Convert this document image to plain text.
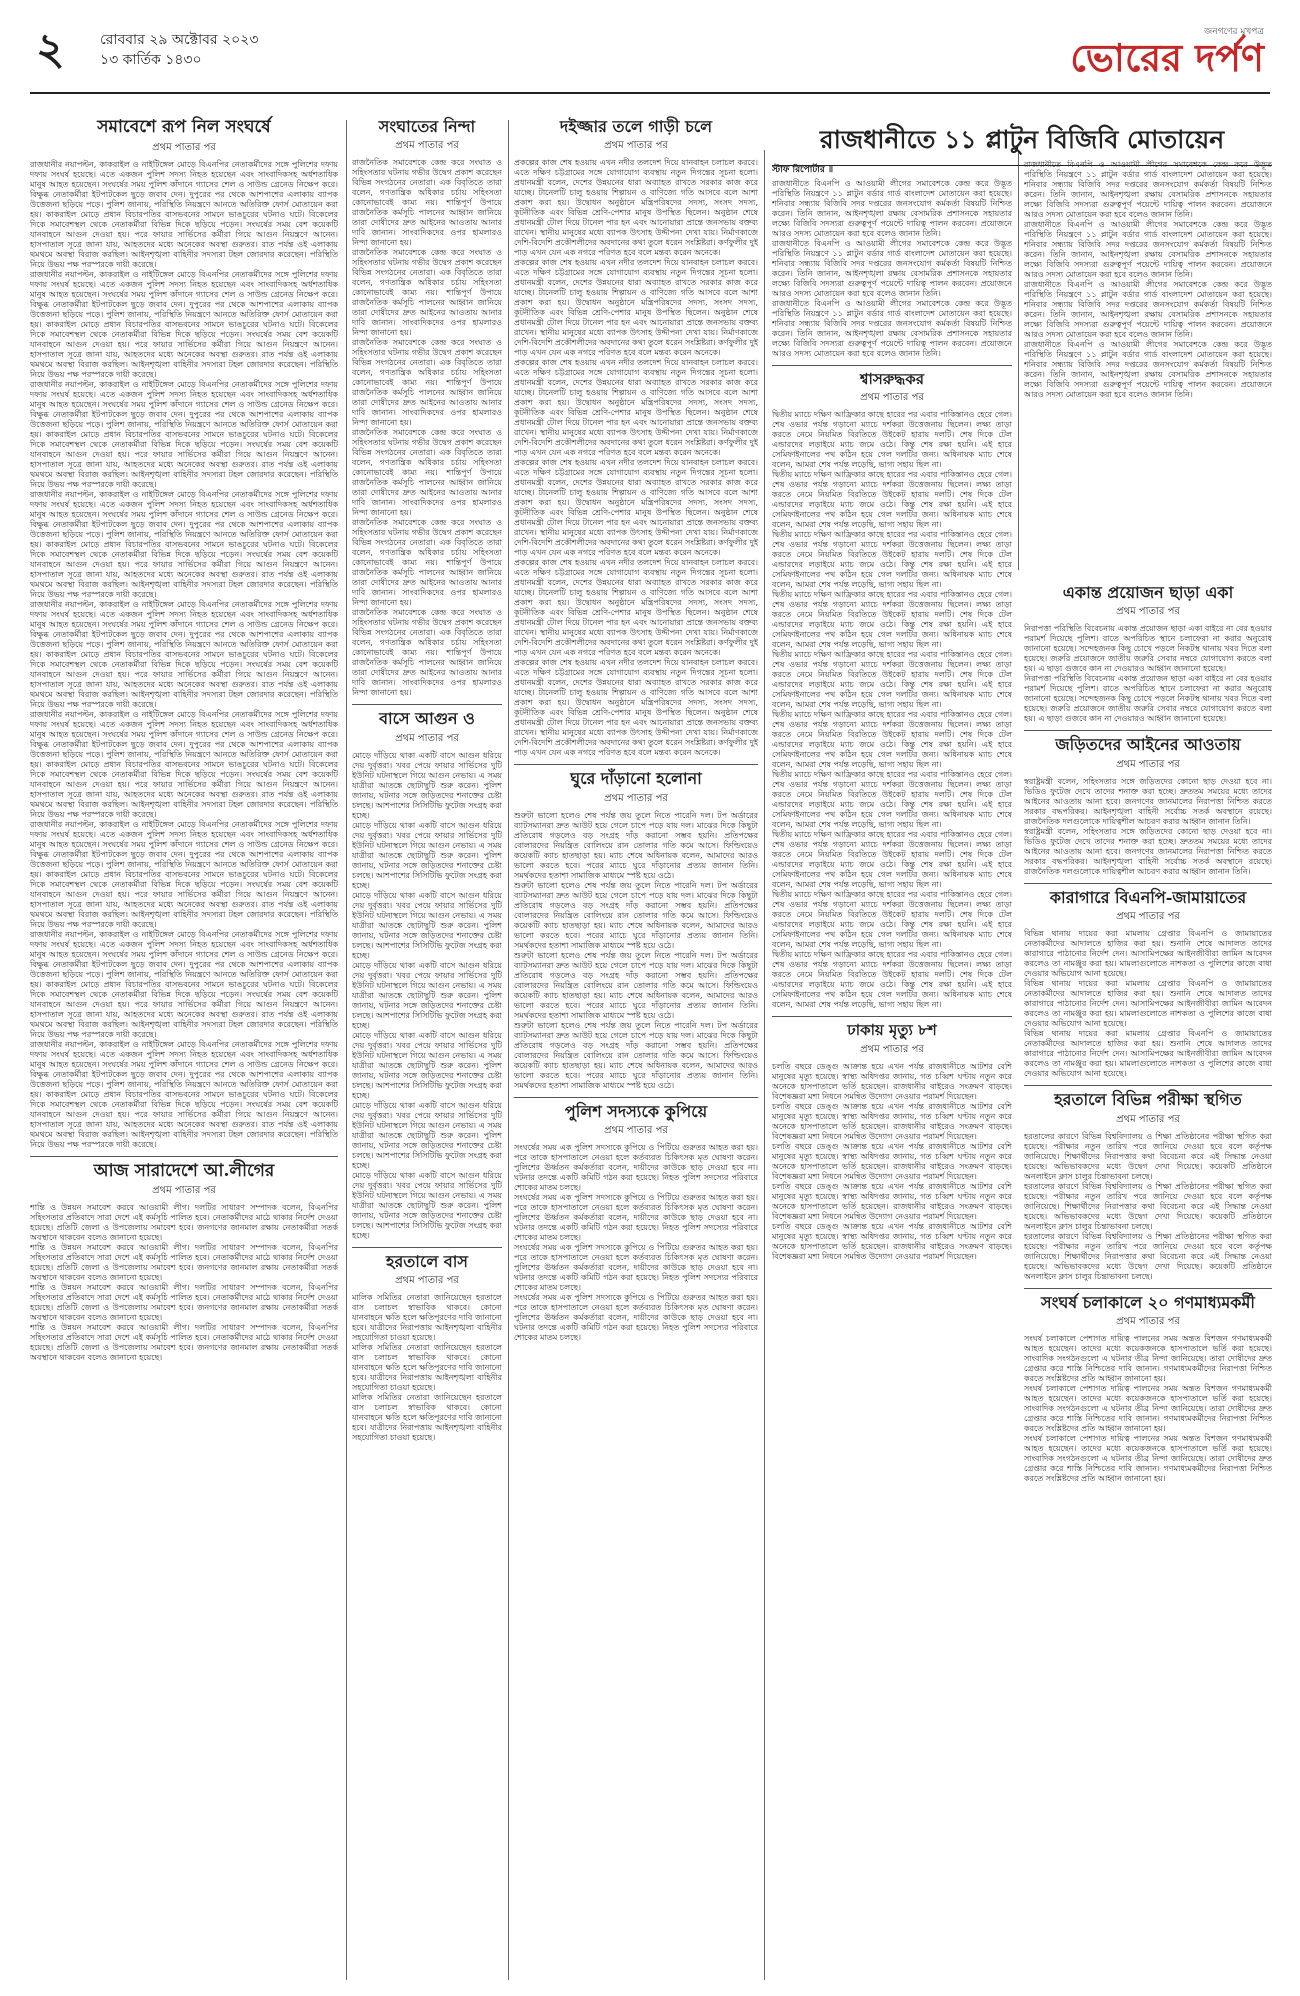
২	রোববার ২৯ অক্টোবর ২০২৩
১৩ কার্তিক ১৪৩০
জনগণের মুখপত্র
ভোরের দর্পণ
সমাবেশে রূপ নিল সংঘর্ষে
প্রথম পাতার পর

রাজধানীর নয়াপল্টন, কাকরাইল ও নাইটিঙ্গেল মোড়ে বিএনপির নেতাকর্মীদের সঙ্গে পুলিশের দফায় দফায় সংঘর্ষ হয়েছে। এতে একজন পুলিশ সদস্য নিহত হয়েছেন এবং সাংবাদিকসহ অর্ধশতাধিক মানুষ আহত হয়েছেন। সংঘর্ষের সময় পুলিশ কাঁদানে গ্যাসের শেল ও সাউন্ড গ্রেনেড নিক্ষেপ করে। বিক্ষুব্ধ নেতাকর্মীরা ইটপাটকেল ছুড়ে জবাব দেন। দুপুরের পর থেকে আশপাশের এলাকায় ব্যাপক উত্তেজনা ছড়িয়ে পড়ে। পুলিশ জানায়, পরিস্থিতি নিয়ন্ত্রণে আনতে অতিরিক্ত ফোর্স মোতায়েন করা হয়। কাকরাইল মোড়ে প্রধান বিচারপতির বাসভবনের সামনে ভাঙচুরের ঘটনাও ঘটে। বিকেলের দিকে সমাবেশস্থল থেকে নেতাকর্মীরা বিভিন্ন দিকে ছড়িয়ে পড়েন। সংঘর্ষের সময় বেশ কয়েকটি যানবাহনে আগুন দেওয়া হয়। পরে ফায়ার সার্ভিসের কর্মীরা গিয়ে আগুন নিয়ন্ত্রণে আনেন। হাসপাতাল সূত্রে জানা যায়, আহতদের মধ্যে অনেকের অবস্থা গুরুতর। রাত পর্যন্ত ওই এলাকায় থমথমে অবস্থা বিরাজ করছিল। আইনশৃঙ্খলা বাহিনীর সদস্যরা টহল জোরদার করেছেন। পরিস্থিতি নিয়ে উভয় পক্ষ পরস্পরকে দায়ী করেছে।

রাজধানীর নয়াপল্টন, কাকরাইল ও নাইটিঙ্গেল মোড়ে বিএনপির নেতাকর্মীদের সঙ্গে পুলিশের দফায় দফায় সংঘর্ষ হয়েছে। এতে একজন পুলিশ সদস্য নিহত হয়েছেন এবং সাংবাদিকসহ অর্ধশতাধিক মানুষ আহত হয়েছেন। সংঘর্ষের সময় পুলিশ কাঁদানে গ্যাসের শেল ও সাউন্ড গ্রেনেড নিক্ষেপ করে। বিক্ষুব্ধ নেতাকর্মীরা ইটপাটকেল ছুড়ে জবাব দেন। দুপুরের পর থেকে আশপাশের এলাকায় ব্যাপক উত্তেজনা ছড়িয়ে পড়ে। পুলিশ জানায়, পরিস্থিতি নিয়ন্ত্রণে আনতে অতিরিক্ত ফোর্স মোতায়েন করা হয়। কাকরাইল মোড়ে প্রধান বিচারপতির বাসভবনের সামনে ভাঙচুরের ঘটনাও ঘটে। বিকেলের দিকে সমাবেশস্থল থেকে নেতাকর্মীরা বিভিন্ন দিকে ছড়িয়ে পড়েন। সংঘর্ষের সময় বেশ কয়েকটি যানবাহনে আগুন দেওয়া হয়। পরে ফায়ার সার্ভিসের কর্মীরা গিয়ে আগুন নিয়ন্ত্রণে আনেন। হাসপাতাল সূত্রে জানা যায়, আহতদের মধ্যে অনেকের অবস্থা গুরুতর। রাত পর্যন্ত ওই এলাকায় থমথমে অবস্থা বিরাজ করছিল। আইনশৃঙ্খলা বাহিনীর সদস্যরা টহল জোরদার করেছেন। পরিস্থিতি নিয়ে উভয় পক্ষ পরস্পরকে দায়ী করেছে।

রাজধানীর নয়াপল্টন, কাকরাইল ও নাইটিঙ্গেল মোড়ে বিএনপির নেতাকর্মীদের সঙ্গে পুলিশের দফায় দফায় সংঘর্ষ হয়েছে। এতে একজন পুলিশ সদস্য নিহত হয়েছেন এবং সাংবাদিকসহ অর্ধশতাধিক মানুষ আহত হয়েছেন। সংঘর্ষের সময় পুলিশ কাঁদানে গ্যাসের শেল ও সাউন্ড গ্রেনেড নিক্ষেপ করে। বিক্ষুব্ধ নেতাকর্মীরা ইটপাটকেল ছুড়ে জবাব দেন। দুপুরের পর থেকে আশপাশের এলাকায় ব্যাপক উত্তেজনা ছড়িয়ে পড়ে। পুলিশ জানায়, পরিস্থিতি নিয়ন্ত্রণে আনতে অতিরিক্ত ফোর্স মোতায়েন করা হয়। কাকরাইল মোড়ে প্রধান বিচারপতির বাসভবনের সামনে ভাঙচুরের ঘটনাও ঘটে। বিকেলের দিকে সমাবেশস্থল থেকে নেতাকর্মীরা বিভিন্ন দিকে ছড়িয়ে পড়েন। সংঘর্ষের সময় বেশ কয়েকটি যানবাহনে আগুন দেওয়া হয়। পরে ফায়ার সার্ভিসের কর্মীরা গিয়ে আগুন নিয়ন্ত্রণে আনেন। হাসপাতাল সূত্রে জানা যায়, আহতদের মধ্যে অনেকের অবস্থা গুরুতর। রাত পর্যন্ত ওই এলাকায় থমথমে অবস্থা বিরাজ করছিল। আইনশৃঙ্খলা বাহিনীর সদস্যরা টহল জোরদার করেছেন। পরিস্থিতি নিয়ে উভয় পক্ষ পরস্পরকে দায়ী করেছে।

রাজধানীর নয়াপল্টন, কাকরাইল ও নাইটিঙ্গেল মোড়ে বিএনপির নেতাকর্মীদের সঙ্গে পুলিশের দফায় দফায় সংঘর্ষ হয়েছে। এতে একজন পুলিশ সদস্য নিহত হয়েছেন এবং সাংবাদিকসহ অর্ধশতাধিক মানুষ আহত হয়েছেন। সংঘর্ষের সময় পুলিশ কাঁদানে গ্যাসের শেল ও সাউন্ড গ্রেনেড নিক্ষেপ করে। বিক্ষুব্ধ নেতাকর্মীরা ইটপাটকেল ছুড়ে জবাব দেন। দুপুরের পর থেকে আশপাশের এলাকায় ব্যাপক উত্তেজনা ছড়িয়ে পড়ে। পুলিশ জানায়, পরিস্থিতি নিয়ন্ত্রণে আনতে অতিরিক্ত ফোর্স মোতায়েন করা হয়। কাকরাইল মোড়ে প্রধান বিচারপতির বাসভবনের সামনে ভাঙচুরের ঘটনাও ঘটে। বিকেলের দিকে সমাবেশস্থল থেকে নেতাকর্মীরা বিভিন্ন দিকে ছড়িয়ে পড়েন। সংঘর্ষের সময় বেশ কয়েকটি যানবাহনে আগুন দেওয়া হয়। পরে ফায়ার সার্ভিসের কর্মীরা গিয়ে আগুন নিয়ন্ত্রণে আনেন। হাসপাতাল সূত্রে জানা যায়, আহতদের মধ্যে অনেকের অবস্থা গুরুতর। রাত পর্যন্ত ওই এলাকায় থমথমে অবস্থা বিরাজ করছিল। আইনশৃঙ্খলা বাহিনীর সদস্যরা টহল জোরদার করেছেন। পরিস্থিতি নিয়ে উভয় পক্ষ পরস্পরকে দায়ী করেছে।

রাজধানীর নয়াপল্টন, কাকরাইল ও নাইটিঙ্গেল মোড়ে বিএনপির নেতাকর্মীদের সঙ্গে পুলিশের দফায় দফায় সংঘর্ষ হয়েছে। এতে একজন পুলিশ সদস্য নিহত হয়েছেন এবং সাংবাদিকসহ অর্ধশতাধিক মানুষ আহত হয়েছেন। সংঘর্ষের সময় পুলিশ কাঁদানে গ্যাসের শেল ও সাউন্ড গ্রেনেড নিক্ষেপ করে। বিক্ষুব্ধ নেতাকর্মীরা ইটপাটকেল ছুড়ে জবাব দেন। দুপুরের পর থেকে আশপাশের এলাকায় ব্যাপক উত্তেজনা ছড়িয়ে পড়ে। পুলিশ জানায়, পরিস্থিতি নিয়ন্ত্রণে আনতে অতিরিক্ত ফোর্স মোতায়েন করা হয়। কাকরাইল মোড়ে প্রধান বিচারপতির বাসভবনের সামনে ভাঙচুরের ঘটনাও ঘটে। বিকেলের দিকে সমাবেশস্থল থেকে নেতাকর্মীরা বিভিন্ন দিকে ছড়িয়ে পড়েন। সংঘর্ষের সময় বেশ কয়েকটি যানবাহনে আগুন দেওয়া হয়। পরে ফায়ার সার্ভিসের কর্মীরা গিয়ে আগুন নিয়ন্ত্রণে আনেন। হাসপাতাল সূত্রে জানা যায়, আহতদের মধ্যে অনেকের অবস্থা গুরুতর। রাত পর্যন্ত ওই এলাকায় থমথমে অবস্থা বিরাজ করছিল। আইনশৃঙ্খলা বাহিনীর সদস্যরা টহল জোরদার করেছেন। পরিস্থিতি নিয়ে উভয় পক্ষ পরস্পরকে দায়ী করেছে।

রাজধানীর নয়াপল্টন, কাকরাইল ও নাইটিঙ্গেল মোড়ে বিএনপির নেতাকর্মীদের সঙ্গে পুলিশের দফায় দফায় সংঘর্ষ হয়েছে। এতে একজন পুলিশ সদস্য নিহত হয়েছেন এবং সাংবাদিকসহ অর্ধশতাধিক মানুষ আহত হয়েছেন। সংঘর্ষের সময় পুলিশ কাঁদানে গ্যাসের শেল ও সাউন্ড গ্রেনেড নিক্ষেপ করে। বিক্ষুব্ধ নেতাকর্মীরা ইটপাটকেল ছুড়ে জবাব দেন। দুপুরের পর থেকে আশপাশের এলাকায় ব্যাপক উত্তেজনা ছড়িয়ে পড়ে। পুলিশ জানায়, পরিস্থিতি নিয়ন্ত্রণে আনতে অতিরিক্ত ফোর্স মোতায়েন করা হয়। কাকরাইল মোড়ে প্রধান বিচারপতির বাসভবনের সামনে ভাঙচুরের ঘটনাও ঘটে। বিকেলের দিকে সমাবেশস্থল থেকে নেতাকর্মীরা বিভিন্ন দিকে ছড়িয়ে পড়েন। সংঘর্ষের সময় বেশ কয়েকটি যানবাহনে আগুন দেওয়া হয়। পরে ফায়ার সার্ভিসের কর্মীরা গিয়ে আগুন নিয়ন্ত্রণে আনেন। হাসপাতাল সূত্রে জানা যায়, আহতদের মধ্যে অনেকের অবস্থা গুরুতর। রাত পর্যন্ত ওই এলাকায় থমথমে অবস্থা বিরাজ করছিল। আইনশৃঙ্খলা বাহিনীর সদস্যরা টহল জোরদার করেছেন। পরিস্থিতি নিয়ে উভয় পক্ষ পরস্পরকে দায়ী করেছে।

রাজধানীর নয়াপল্টন, কাকরাইল ও নাইটিঙ্গেল মোড়ে বিএনপির নেতাকর্মীদের সঙ্গে পুলিশের দফায় দফায় সংঘর্ষ হয়েছে। এতে একজন পুলিশ সদস্য নিহত হয়েছেন এবং সাংবাদিকসহ অর্ধশতাধিক মানুষ আহত হয়েছেন। সংঘর্ষের সময় পুলিশ কাঁদানে গ্যাসের শেল ও সাউন্ড গ্রেনেড নিক্ষেপ করে। বিক্ষুব্ধ নেতাকর্মীরা ইটপাটকেল ছুড়ে জবাব দেন। দুপুরের পর থেকে আশপাশের এলাকায় ব্যাপক উত্তেজনা ছড়িয়ে পড়ে। পুলিশ জানায়, পরিস্থিতি নিয়ন্ত্রণে আনতে অতিরিক্ত ফোর্স মোতায়েন করা হয়। কাকরাইল মোড়ে প্রধান বিচারপতির বাসভবনের সামনে ভাঙচুরের ঘটনাও ঘটে। বিকেলের দিকে সমাবেশস্থল থেকে নেতাকর্মীরা বিভিন্ন দিকে ছড়িয়ে পড়েন। সংঘর্ষের সময় বেশ কয়েকটি যানবাহনে আগুন দেওয়া হয়। পরে ফায়ার সার্ভিসের কর্মীরা গিয়ে আগুন নিয়ন্ত্রণে আনেন। হাসপাতাল সূত্রে জানা যায়, আহতদের মধ্যে অনেকের অবস্থা গুরুতর। রাত পর্যন্ত ওই এলাকায় থমথমে অবস্থা বিরাজ করছিল। আইনশৃঙ্খলা বাহিনীর সদস্যরা টহল জোরদার করেছেন। পরিস্থিতি নিয়ে উভয় পক্ষ পরস্পরকে দায়ী করেছে।

রাজধানীর নয়াপল্টন, কাকরাইল ও নাইটিঙ্গেল মোড়ে বিএনপির নেতাকর্মীদের সঙ্গে পুলিশের দফায় দফায় সংঘর্ষ হয়েছে। এতে একজন পুলিশ সদস্য নিহত হয়েছেন এবং সাংবাদিকসহ অর্ধশতাধিক মানুষ আহত হয়েছেন। সংঘর্ষের সময় পুলিশ কাঁদানে গ্যাসের শেল ও সাউন্ড গ্রেনেড নিক্ষেপ করে। বিক্ষুব্ধ নেতাকর্মীরা ইটপাটকেল ছুড়ে জবাব দেন। দুপুরের পর থেকে আশপাশের এলাকায় ব্যাপক উত্তেজনা ছড়িয়ে পড়ে। পুলিশ জানায়, পরিস্থিতি নিয়ন্ত্রণে আনতে অতিরিক্ত ফোর্স মোতায়েন করা হয়। কাকরাইল মোড়ে প্রধান বিচারপতির বাসভবনের সামনে ভাঙচুরের ঘটনাও ঘটে। বিকেলের দিকে সমাবেশস্থল থেকে নেতাকর্মীরা বিভিন্ন দিকে ছড়িয়ে পড়েন। সংঘর্ষের সময় বেশ কয়েকটি যানবাহনে আগুন দেওয়া হয়। পরে ফায়ার সার্ভিসের কর্মীরা গিয়ে আগুন নিয়ন্ত্রণে আনেন। হাসপাতাল সূত্রে জানা যায়, আহতদের মধ্যে অনেকের অবস্থা গুরুতর। রাত পর্যন্ত ওই এলাকায় থমথমে অবস্থা বিরাজ করছিল। আইনশৃঙ্খলা বাহিনীর সদস্যরা টহল জোরদার করেছেন। পরিস্থিতি নিয়ে উভয় পক্ষ পরস্পরকে দায়ী করেছে।

রাজধানীর নয়াপল্টন, কাকরাইল ও নাইটিঙ্গেল মোড়ে বিএনপির নেতাকর্মীদের সঙ্গে পুলিশের দফায় দফায় সংঘর্ষ হয়েছে। এতে একজন পুলিশ সদস্য নিহত হয়েছেন এবং সাংবাদিকসহ অর্ধশতাধিক মানুষ আহত হয়েছেন। সংঘর্ষের সময় পুলিশ কাঁদানে গ্যাসের শেল ও সাউন্ড গ্রেনেড নিক্ষেপ করে। বিক্ষুব্ধ নেতাকর্মীরা ইটপাটকেল ছুড়ে জবাব দেন। দুপুরের পর থেকে আশপাশের এলাকায় ব্যাপক উত্তেজনা ছড়িয়ে পড়ে। পুলিশ জানায়, পরিস্থিতি নিয়ন্ত্রণে আনতে অতিরিক্ত ফোর্স মোতায়েন করা হয়। কাকরাইল মোড়ে প্রধান বিচারপতির বাসভবনের সামনে ভাঙচুরের ঘটনাও ঘটে। বিকেলের দিকে সমাবেশস্থল থেকে নেতাকর্মীরা বিভিন্ন দিকে ছড়িয়ে পড়েন। সংঘর্ষের সময় বেশ কয়েকটি যানবাহনে আগুন দেওয়া হয়। পরে ফায়ার সার্ভিসের কর্মীরা গিয়ে আগুন নিয়ন্ত্রণে আনেন। হাসপাতাল সূত্রে জানা যায়, আহতদের মধ্যে অনেকের অবস্থা গুরুতর। রাত পর্যন্ত ওই এলাকায় থমথমে অবস্থা বিরাজ করছিল। আইনশৃঙ্খলা বাহিনীর সদস্যরা টহল জোরদার করেছেন। পরিস্থিতি নিয়ে উভয় পক্ষ পরস্পরকে দায়ী করেছে।

আজ সারাদেশে আ.লীগের
প্রথম পাতার পর

শান্তি ও উন্নয়ন সমাবেশ করবে আওয়ামী লীগ। দলটির সাধারণ সম্পাদক বলেন, বিএনপির সহিংসতার প্রতিবাদে সারা দেশে এই কর্মসূচি পালিত হবে। নেতাকর্মীদের মাঠে থাকার নির্দেশ দেওয়া হয়েছে। প্রতিটি জেলা ও উপজেলায় সমাবেশ হবে। জনগণের জানমাল রক্ষায় নেতাকর্মীরা সতর্ক অবস্থানে থাকবেন বলেও জানানো হয়েছে।

শান্তি ও উন্নয়ন সমাবেশ করবে আওয়ামী লীগ। দলটির সাধারণ সম্পাদক বলেন, বিএনপির সহিংসতার প্রতিবাদে সারা দেশে এই কর্মসূচি পালিত হবে। নেতাকর্মীদের মাঠে থাকার নির্দেশ দেওয়া হয়েছে। প্রতিটি জেলা ও উপজেলায় সমাবেশ হবে। জনগণের জানমাল রক্ষায় নেতাকর্মীরা সতর্ক অবস্থানে থাকবেন বলেও জানানো হয়েছে।

শান্তি ও উন্নয়ন সমাবেশ করবে আওয়ামী লীগ। দলটির সাধারণ সম্পাদক বলেন, বিএনপির সহিংসতার প্রতিবাদে সারা দেশে এই কর্মসূচি পালিত হবে। নেতাকর্মীদের মাঠে থাকার নির্দেশ দেওয়া হয়েছে। প্রতিটি জেলা ও উপজেলায় সমাবেশ হবে। জনগণের জানমাল রক্ষায় নেতাকর্মীরা সতর্ক অবস্থানে থাকবেন বলেও জানানো হয়েছে।

শান্তি ও উন্নয়ন সমাবেশ করবে আওয়ামী লীগ। দলটির সাধারণ সম্পাদক বলেন, বিএনপির সহিংসতার প্রতিবাদে সারা দেশে এই কর্মসূচি পালিত হবে। নেতাকর্মীদের মাঠে থাকার নির্দেশ দেওয়া হয়েছে। প্রতিটি জেলা ও উপজেলায় সমাবেশ হবে। জনগণের জানমাল রক্ষায় নেতাকর্মীরা সতর্ক অবস্থানে থাকবেন বলেও জানানো হয়েছে।

সংঘাতের নিন্দা
প্রথম পাতার পর

রাজনৈতিক সমাবেশকে কেন্দ্র করে সংঘাত ও সহিংসতার ঘটনায় গভীর উদ্বেগ প্রকাশ করেছেন বিভিন্ন সংগঠনের নেতারা। এক বিবৃতিতে তারা বলেন, গণতান্ত্রিক অধিকার চর্চায় সহিংসতা কোনোভাবেই কাম্য নয়। শান্তিপূর্ণ উপায়ে রাজনৈতিক কর্মসূচি পালনের আহ্বান জানিয়ে তারা দোষীদের দ্রুত আইনের আওতায় আনার দাবি জানান। সাংবাদিকদের ওপর হামলারও নিন্দা জানানো হয়।

রাজনৈতিক সমাবেশকে কেন্দ্র করে সংঘাত ও সহিংসতার ঘটনায় গভীর উদ্বেগ প্রকাশ করেছেন বিভিন্ন সংগঠনের নেতারা। এক বিবৃতিতে তারা বলেন, গণতান্ত্রিক অধিকার চর্চায় সহিংসতা কোনোভাবেই কাম্য নয়। শান্তিপূর্ণ উপায়ে রাজনৈতিক কর্মসূচি পালনের আহ্বান জানিয়ে তারা দোষীদের দ্রুত আইনের আওতায় আনার দাবি জানান। সাংবাদিকদের ওপর হামলারও নিন্দা জানানো হয়।

রাজনৈতিক সমাবেশকে কেন্দ্র করে সংঘাত ও সহিংসতার ঘটনায় গভীর উদ্বেগ প্রকাশ করেছেন বিভিন্ন সংগঠনের নেতারা। এক বিবৃতিতে তারা বলেন, গণতান্ত্রিক অধিকার চর্চায় সহিংসতা কোনোভাবেই কাম্য নয়। শান্তিপূর্ণ উপায়ে রাজনৈতিক কর্মসূচি পালনের আহ্বান জানিয়ে তারা দোষীদের দ্রুত আইনের আওতায় আনার দাবি জানান। সাংবাদিকদের ওপর হামলারও নিন্দা জানানো হয়।

রাজনৈতিক সমাবেশকে কেন্দ্র করে সংঘাত ও সহিংসতার ঘটনায় গভীর উদ্বেগ প্রকাশ করেছেন বিভিন্ন সংগঠনের নেতারা। এক বিবৃতিতে তারা বলেন, গণতান্ত্রিক অধিকার চর্চায় সহিংসতা কোনোভাবেই কাম্য নয়। শান্তিপূর্ণ উপায়ে রাজনৈতিক কর্মসূচি পালনের আহ্বান জানিয়ে তারা দোষীদের দ্রুত আইনের আওতায় আনার দাবি জানান। সাংবাদিকদের ওপর হামলারও নিন্দা জানানো হয়।

রাজনৈতিক সমাবেশকে কেন্দ্র করে সংঘাত ও সহিংসতার ঘটনায় গভীর উদ্বেগ প্রকাশ করেছেন বিভিন্ন সংগঠনের নেতারা। এক বিবৃতিতে তারা বলেন, গণতান্ত্রিক অধিকার চর্চায় সহিংসতা কোনোভাবেই কাম্য নয়। শান্তিপূর্ণ উপায়ে রাজনৈতিক কর্মসূচি পালনের আহ্বান জানিয়ে তারা দোষীদের দ্রুত আইনের আওতায় আনার দাবি জানান। সাংবাদিকদের ওপর হামলারও নিন্দা জানানো হয়।

রাজনৈতিক সমাবেশকে কেন্দ্র করে সংঘাত ও সহিংসতার ঘটনায় গভীর উদ্বেগ প্রকাশ করেছেন বিভিন্ন সংগঠনের নেতারা। এক বিবৃতিতে তারা বলেন, গণতান্ত্রিক অধিকার চর্চায় সহিংসতা কোনোভাবেই কাম্য নয়। শান্তিপূর্ণ উপায়ে রাজনৈতিক কর্মসূচি পালনের আহ্বান জানিয়ে তারা দোষীদের দ্রুত আইনের আওতায় আনার দাবি জানান। সাংবাদিকদের ওপর হামলারও নিন্দা জানানো হয়।

বাসে আগুন ও
প্রথম পাতার পর

মোড়ে দাঁড়িয়ে থাকা একটি বাসে আগুন ধরিয়ে দেয় দুর্বৃত্তরা। খবর পেয়ে ফায়ার সার্ভিসের দুটি ইউনিট ঘটনাস্থলে গিয়ে আগুন নেভায়। এ সময় যাত্রীরা আতঙ্কে ছোটাছুটি শুরু করেন। পুলিশ জানায়, ঘটনার সঙ্গে জড়িতদের শনাক্তের চেষ্টা চলছে। আশপাশের সিসিটিভি ফুটেজ সংগ্রহ করা হচ্ছে।

মোড়ে দাঁড়িয়ে থাকা একটি বাসে আগুন ধরিয়ে দেয় দুর্বৃত্তরা। খবর পেয়ে ফায়ার সার্ভিসের দুটি ইউনিট ঘটনাস্থলে গিয়ে আগুন নেভায়। এ সময় যাত্রীরা আতঙ্কে ছোটাছুটি শুরু করেন। পুলিশ জানায়, ঘটনার সঙ্গে জড়িতদের শনাক্তের চেষ্টা চলছে। আশপাশের সিসিটিভি ফুটেজ সংগ্রহ করা হচ্ছে।

মোড়ে দাঁড়িয়ে থাকা একটি বাসে আগুন ধরিয়ে দেয় দুর্বৃত্তরা। খবর পেয়ে ফায়ার সার্ভিসের দুটি ইউনিট ঘটনাস্থলে গিয়ে আগুন নেভায়। এ সময় যাত্রীরা আতঙ্কে ছোটাছুটি শুরু করেন। পুলিশ জানায়, ঘটনার সঙ্গে জড়িতদের শনাক্তের চেষ্টা চলছে। আশপাশের সিসিটিভি ফুটেজ সংগ্রহ করা হচ্ছে।

মোড়ে দাঁড়িয়ে থাকা একটি বাসে আগুন ধরিয়ে দেয় দুর্বৃত্তরা। খবর পেয়ে ফায়ার সার্ভিসের দুটি ইউনিট ঘটনাস্থলে গিয়ে আগুন নেভায়। এ সময় যাত্রীরা আতঙ্কে ছোটাছুটি শুরু করেন। পুলিশ জানায়, ঘটনার সঙ্গে জড়িতদের শনাক্তের চেষ্টা চলছে। আশপাশের সিসিটিভি ফুটেজ সংগ্রহ করা হচ্ছে।

মোড়ে দাঁড়িয়ে থাকা একটি বাসে আগুন ধরিয়ে দেয় দুর্বৃত্তরা। খবর পেয়ে ফায়ার সার্ভিসের দুটি ইউনিট ঘটনাস্থলে গিয়ে আগুন নেভায়। এ সময় যাত্রীরা আতঙ্কে ছোটাছুটি শুরু করেন। পুলিশ জানায়, ঘটনার সঙ্গে জড়িতদের শনাক্তের চেষ্টা চলছে। আশপাশের সিসিটিভি ফুটেজ সংগ্রহ করা হচ্ছে।

মোড়ে দাঁড়িয়ে থাকা একটি বাসে আগুন ধরিয়ে দেয় দুর্বৃত্তরা। খবর পেয়ে ফায়ার সার্ভিসের দুটি ইউনিট ঘটনাস্থলে গিয়ে আগুন নেভায়। এ সময় যাত্রীরা আতঙ্কে ছোটাছুটি শুরু করেন। পুলিশ জানায়, ঘটনার সঙ্গে জড়িতদের শনাক্তের চেষ্টা চলছে। আশপাশের সিসিটিভি ফুটেজ সংগ্রহ করা হচ্ছে।

মোড়ে দাঁড়িয়ে থাকা একটি বাসে আগুন ধরিয়ে দেয় দুর্বৃত্তরা। খবর পেয়ে ফায়ার সার্ভিসের দুটি ইউনিট ঘটনাস্থলে গিয়ে আগুন নেভায়। এ সময় যাত্রীরা আতঙ্কে ছোটাছুটি শুরু করেন। পুলিশ জানায়, ঘটনার সঙ্গে জড়িতদের শনাক্তের চেষ্টা চলছে। আশপাশের সিসিটিভি ফুটেজ সংগ্রহ করা হচ্ছে।

হরতালে বাস
প্রথম পাতার পর

মালিক সমিতির নেতারা জানিয়েছেন হরতালে বাস চলাচল স্বাভাবিক থাকবে। কোনো যানবাহনে ক্ষতি হলে ক্ষতিপূরণের দাবি জানানো হবে। যাত্রীদের নিরাপত্তায় আইনশৃঙ্খলা বাহিনীর সহযোগিতা চাওয়া হয়েছে।

মালিক সমিতির নেতারা জানিয়েছেন হরতালে বাস চলাচল স্বাভাবিক থাকবে। কোনো যানবাহনে ক্ষতি হলে ক্ষতিপূরণের দাবি জানানো হবে। যাত্রীদের নিরাপত্তায় আইনশৃঙ্খলা বাহিনীর সহযোগিতা চাওয়া হয়েছে।

মালিক সমিতির নেতারা জানিয়েছেন হরতালে বাস চলাচল স্বাভাবিক থাকবে। কোনো যানবাহনে ক্ষতি হলে ক্ষতিপূরণের দাবি জানানো হবে। যাত্রীদের নিরাপত্তায় আইনশৃঙ্খলা বাহিনীর সহযোগিতা চাওয়া হয়েছে।

দইজ্জার তলে গাড়ী চলে
প্রথম পাতার পর

প্রকল্পের কাজ শেষ হওয়ায় এখন নদীর তলদেশ দিয়ে যানবাহন চলাচল করবে। এতে দক্ষিণ চট্টগ্রামের সঙ্গে যোগাযোগ ব্যবস্থায় নতুন দিগন্তের সূচনা হলো। প্রধানমন্ত্রী বলেন, দেশের উন্নয়নের ধারা অব্যাহত রাখতে সরকার কাজ করে যাচ্ছে। টানেলটি চালু হওয়ায় শিল্পায়ন ও বাণিজ্যে গতি আসবে বলে আশা প্রকাশ করা হয়। উদ্বোধন অনুষ্ঠানে মন্ত্রিপরিষদের সদস্য, সংসদ সদস্য, কূটনীতিক এবং বিভিন্ন শ্রেণি-পেশার মানুষ উপস্থিত ছিলেন। অনুষ্ঠান শেষে প্রধানমন্ত্রী টোল দিয়ে টানেল পার হন এবং আনোয়ারা প্রান্তে জনসভায় বক্তব্য রাখেন। স্থানীয় মানুষের মধ্যে ব্যাপক উৎসাহ উদ্দীপনা দেখা যায়। নির্মাণকাজে দেশি-বিদেশি প্রকৌশলীদের অবদানের কথা তুলে ধরেন সংশ্লিষ্টরা। কর্ণফুলীর দুই পাড় এখন যেন এক নগরে পরিণত হবে বলে মন্তব্য করেন অনেকে।

প্রকল্পের কাজ শেষ হওয়ায় এখন নদীর তলদেশ দিয়ে যানবাহন চলাচল করবে। এতে দক্ষিণ চট্টগ্রামের সঙ্গে যোগাযোগ ব্যবস্থায় নতুন দিগন্তের সূচনা হলো। প্রধানমন্ত্রী বলেন, দেশের উন্নয়নের ধারা অব্যাহত রাখতে সরকার কাজ করে যাচ্ছে। টানেলটি চালু হওয়ায় শিল্পায়ন ও বাণিজ্যে গতি আসবে বলে আশা প্রকাশ করা হয়। উদ্বোধন অনুষ্ঠানে মন্ত্রিপরিষদের সদস্য, সংসদ সদস্য, কূটনীতিক এবং বিভিন্ন শ্রেণি-পেশার মানুষ উপস্থিত ছিলেন। অনুষ্ঠান শেষে প্রধানমন্ত্রী টোল দিয়ে টানেল পার হন এবং আনোয়ারা প্রান্তে জনসভায় বক্তব্য রাখেন। স্থানীয় মানুষের মধ্যে ব্যাপক উৎসাহ উদ্দীপনা দেখা যায়। নির্মাণকাজে দেশি-বিদেশি প্রকৌশলীদের অবদানের কথা তুলে ধরেন সংশ্লিষ্টরা। কর্ণফুলীর দুই পাড় এখন যেন এক নগরে পরিণত হবে বলে মন্তব্য করেন অনেকে।

প্রকল্পের কাজ শেষ হওয়ায় এখন নদীর তলদেশ দিয়ে যানবাহন চলাচল করবে। এতে দক্ষিণ চট্টগ্রামের সঙ্গে যোগাযোগ ব্যবস্থায় নতুন দিগন্তের সূচনা হলো। প্রধানমন্ত্রী বলেন, দেশের উন্নয়নের ধারা অব্যাহত রাখতে সরকার কাজ করে যাচ্ছে। টানেলটি চালু হওয়ায় শিল্পায়ন ও বাণিজ্যে গতি আসবে বলে আশা প্রকাশ করা হয়। উদ্বোধন অনুষ্ঠানে মন্ত্রিপরিষদের সদস্য, সংসদ সদস্য, কূটনীতিক এবং বিভিন্ন শ্রেণি-পেশার মানুষ উপস্থিত ছিলেন। অনুষ্ঠান শেষে প্রধানমন্ত্রী টোল দিয়ে টানেল পার হন এবং আনোয়ারা প্রান্তে জনসভায় বক্তব্য রাখেন। স্থানীয় মানুষের মধ্যে ব্যাপক উৎসাহ উদ্দীপনা দেখা যায়। নির্মাণকাজে দেশি-বিদেশি প্রকৌশলীদের অবদানের কথা তুলে ধরেন সংশ্লিষ্টরা। কর্ণফুলীর দুই পাড় এখন যেন এক নগরে পরিণত হবে বলে মন্তব্য করেন অনেকে।

প্রকল্পের কাজ শেষ হওয়ায় এখন নদীর তলদেশ দিয়ে যানবাহন চলাচল করবে। এতে দক্ষিণ চট্টগ্রামের সঙ্গে যোগাযোগ ব্যবস্থায় নতুন দিগন্তের সূচনা হলো। প্রধানমন্ত্রী বলেন, দেশের উন্নয়নের ধারা অব্যাহত রাখতে সরকার কাজ করে যাচ্ছে। টানেলটি চালু হওয়ায় শিল্পায়ন ও বাণিজ্যে গতি আসবে বলে আশা প্রকাশ করা হয়। উদ্বোধন অনুষ্ঠানে মন্ত্রিপরিষদের সদস্য, সংসদ সদস্য, কূটনীতিক এবং বিভিন্ন শ্রেণি-পেশার মানুষ উপস্থিত ছিলেন। অনুষ্ঠান শেষে প্রধানমন্ত্রী টোল দিয়ে টানেল পার হন এবং আনোয়ারা প্রান্তে জনসভায় বক্তব্য রাখেন। স্থানীয় মানুষের মধ্যে ব্যাপক উৎসাহ উদ্দীপনা দেখা যায়। নির্মাণকাজে দেশি-বিদেশি প্রকৌশলীদের অবদানের কথা তুলে ধরেন সংশ্লিষ্টরা। কর্ণফুলীর দুই পাড় এখন যেন এক নগরে পরিণত হবে বলে মন্তব্য করেন অনেকে।

প্রকল্পের কাজ শেষ হওয়ায় এখন নদীর তলদেশ দিয়ে যানবাহন চলাচল করবে। এতে দক্ষিণ চট্টগ্রামের সঙ্গে যোগাযোগ ব্যবস্থায় নতুন দিগন্তের সূচনা হলো। প্রধানমন্ত্রী বলেন, দেশের উন্নয়নের ধারা অব্যাহত রাখতে সরকার কাজ করে যাচ্ছে। টানেলটি চালু হওয়ায় শিল্পায়ন ও বাণিজ্যে গতি আসবে বলে আশা প্রকাশ করা হয়। উদ্বোধন অনুষ্ঠানে মন্ত্রিপরিষদের সদস্য, সংসদ সদস্য, কূটনীতিক এবং বিভিন্ন শ্রেণি-পেশার মানুষ উপস্থিত ছিলেন। অনুষ্ঠান শেষে প্রধানমন্ত্রী টোল দিয়ে টানেল পার হন এবং আনোয়ারা প্রান্তে জনসভায় বক্তব্য রাখেন। স্থানীয় মানুষের মধ্যে ব্যাপক উৎসাহ উদ্দীপনা দেখা যায়। নির্মাণকাজে দেশি-বিদেশি প্রকৌশলীদের অবদানের কথা তুলে ধরেন সংশ্লিষ্টরা। কর্ণফুলীর দুই পাড় এখন যেন এক নগরে পরিণত হবে বলে মন্তব্য করেন অনেকে।

প্রকল্পের কাজ শেষ হওয়ায় এখন নদীর তলদেশ দিয়ে যানবাহন চলাচল করবে। এতে দক্ষিণ চট্টগ্রামের সঙ্গে যোগাযোগ ব্যবস্থায় নতুন দিগন্তের সূচনা হলো। প্রধানমন্ত্রী বলেন, দেশের উন্নয়নের ধারা অব্যাহত রাখতে সরকার কাজ করে যাচ্ছে। টানেলটি চালু হওয়ায় শিল্পায়ন ও বাণিজ্যে গতি আসবে বলে আশা প্রকাশ করা হয়। উদ্বোধন অনুষ্ঠানে মন্ত্রিপরিষদের সদস্য, সংসদ সদস্য, কূটনীতিক এবং বিভিন্ন শ্রেণি-পেশার মানুষ উপস্থিত ছিলেন। অনুষ্ঠান শেষে প্রধানমন্ত্রী টোল দিয়ে টানেল পার হন এবং আনোয়ারা প্রান্তে জনসভায় বক্তব্য রাখেন। স্থানীয় মানুষের মধ্যে ব্যাপক উৎসাহ উদ্দীপনা দেখা যায়। নির্মাণকাজে দেশি-বিদেশি প্রকৌশলীদের অবদানের কথা তুলে ধরেন সংশ্লিষ্টরা। কর্ণফুলীর দুই পাড় এখন যেন এক নগরে পরিণত হবে বলে মন্তব্য করেন অনেকে।

ঘুরে দাঁড়ানো হলোনা
প্রথম পাতার পর

শুরুটা ভালো হলেও শেষ পর্যন্ত জয় তুলে নিতে পারেনি দল। টপ অর্ডারের ব্যাটসম্যানরা দ্রুত আউট হয়ে গেলে চাপে পড়ে যায় দল। মাঝের দিকে কিছুটা প্রতিরোধ গড়লেও বড় সংগ্রহ দাঁড় করানো সম্ভব হয়নি। প্রতিপক্ষের বোলারদের নিয়ন্ত্রিত বোলিংয়ে রান তোলার গতি কমে আসে। ফিল্ডিংয়েও কয়েকটি ক্যাচ হাতছাড়া হয়। ম্যাচ শেষে অধিনায়ক বলেন, আমাদের আরও ভালো করতে হবে। পরের ম্যাচে ঘুরে দাঁড়ানোর প্রত্যয় জানান তিনি। সমর্থকদের হতাশা সামাজিক মাধ্যমে স্পষ্ট হয়ে ওঠে।

শুরুটা ভালো হলেও শেষ পর্যন্ত জয় তুলে নিতে পারেনি দল। টপ অর্ডারের ব্যাটসম্যানরা দ্রুত আউট হয়ে গেলে চাপে পড়ে যায় দল। মাঝের দিকে কিছুটা প্রতিরোধ গড়লেও বড় সংগ্রহ দাঁড় করানো সম্ভব হয়নি। প্রতিপক্ষের বোলারদের নিয়ন্ত্রিত বোলিংয়ে রান তোলার গতি কমে আসে। ফিল্ডিংয়েও কয়েকটি ক্যাচ হাতছাড়া হয়। ম্যাচ শেষে অধিনায়ক বলেন, আমাদের আরও ভালো করতে হবে। পরের ম্যাচে ঘুরে দাঁড়ানোর প্রত্যয় জানান তিনি। সমর্থকদের হতাশা সামাজিক মাধ্যমে স্পষ্ট হয়ে ওঠে।

শুরুটা ভালো হলেও শেষ পর্যন্ত জয় তুলে নিতে পারেনি দল। টপ অর্ডারের ব্যাটসম্যানরা দ্রুত আউট হয়ে গেলে চাপে পড়ে যায় দল। মাঝের দিকে কিছুটা প্রতিরোধ গড়লেও বড় সংগ্রহ দাঁড় করানো সম্ভব হয়নি। প্রতিপক্ষের বোলারদের নিয়ন্ত্রিত বোলিংয়ে রান তোলার গতি কমে আসে। ফিল্ডিংয়েও কয়েকটি ক্যাচ হাতছাড়া হয়। ম্যাচ শেষে অধিনায়ক বলেন, আমাদের আরও ভালো করতে হবে। পরের ম্যাচে ঘুরে দাঁড়ানোর প্রত্যয় জানান তিনি। সমর্থকদের হতাশা সামাজিক মাধ্যমে স্পষ্ট হয়ে ওঠে।

শুরুটা ভালো হলেও শেষ পর্যন্ত জয় তুলে নিতে পারেনি দল। টপ অর্ডারের ব্যাটসম্যানরা দ্রুত আউট হয়ে গেলে চাপে পড়ে যায় দল। মাঝের দিকে কিছুটা প্রতিরোধ গড়লেও বড় সংগ্রহ দাঁড় করানো সম্ভব হয়নি। প্রতিপক্ষের বোলারদের নিয়ন্ত্রিত বোলিংয়ে রান তোলার গতি কমে আসে। ফিল্ডিংয়েও কয়েকটি ক্যাচ হাতছাড়া হয়। ম্যাচ শেষে অধিনায়ক বলেন, আমাদের আরও ভালো করতে হবে। পরের ম্যাচে ঘুরে দাঁড়ানোর প্রত্যয় জানান তিনি। সমর্থকদের হতাশা সামাজিক মাধ্যমে স্পষ্ট হয়ে ওঠে।

পুলিশ সদস্যকে কুপিয়ে
প্রথম পাতার পর

সংঘর্ষের সময় এক পুলিশ সদস্যকে কুপিয়ে ও পিটিয়ে গুরুতর আহত করা হয়। পরে তাকে হাসপাতালে নেওয়া হলে কর্তব্যরত চিকিৎসক মৃত ঘোষণা করেন। পুলিশের ঊর্ধ্বতন কর্মকর্তারা বলেন, দায়ীদের কাউকে ছাড় দেওয়া হবে না। ঘটনার তদন্তে একটি কমিটি গঠন করা হয়েছে। নিহত পুলিশ সদস্যের পরিবারে শোকের মাতম চলছে।

সংঘর্ষের সময় এক পুলিশ সদস্যকে কুপিয়ে ও পিটিয়ে গুরুতর আহত করা হয়। পরে তাকে হাসপাতালে নেওয়া হলে কর্তব্যরত চিকিৎসক মৃত ঘোষণা করেন। পুলিশের ঊর্ধ্বতন কর্মকর্তারা বলেন, দায়ীদের কাউকে ছাড় দেওয়া হবে না। ঘটনার তদন্তে একটি কমিটি গঠন করা হয়েছে। নিহত পুলিশ সদস্যের পরিবারে শোকের মাতম চলছে।

সংঘর্ষের সময় এক পুলিশ সদস্যকে কুপিয়ে ও পিটিয়ে গুরুতর আহত করা হয়। পরে তাকে হাসপাতালে নেওয়া হলে কর্তব্যরত চিকিৎসক মৃত ঘোষণা করেন। পুলিশের ঊর্ধ্বতন কর্মকর্তারা বলেন, দায়ীদের কাউকে ছাড় দেওয়া হবে না। ঘটনার তদন্তে একটি কমিটি গঠন করা হয়েছে। নিহত পুলিশ সদস্যের পরিবারে শোকের মাতম চলছে।

সংঘর্ষের সময় এক পুলিশ সদস্যকে কুপিয়ে ও পিটিয়ে গুরুতর আহত করা হয়। পরে তাকে হাসপাতালে নেওয়া হলে কর্তব্যরত চিকিৎসক মৃত ঘোষণা করেন। পুলিশের ঊর্ধ্বতন কর্মকর্তারা বলেন, দায়ীদের কাউকে ছাড় দেওয়া হবে না। ঘটনার তদন্তে একটি কমিটি গঠন করা হয়েছে। নিহত পুলিশ সদস্যের পরিবারে শোকের মাতম চলছে।

রাজধানীতে ১১ প্লাটুন বিজিবি মোতায়েন
স্টাফ রিপোর্টার ॥

রাজধানীতে বিএনপি ও আওয়ামী লীগের সমাবেশকে কেন্দ্র করে উদ্ভূত পরিস্থিতি নিয়ন্ত্রণে ১১ প্লাটুন বর্ডার গার্ড বাংলাদেশ মোতায়েন করা হয়েছে। শনিবার সন্ধ্যায় বিজিবি সদর দপ্তরের জনসংযোগ কর্মকর্তা বিষয়টি নিশ্চিত করেন। তিনি জানান, আইনশৃঙ্খলা রক্ষায় বেসামরিক প্রশাসনকে সহায়তার লক্ষ্যে বিজিবি সদস্যরা গুরুত্বপূর্ণ পয়েন্টে দায়িত্ব পালন করবেন। প্রয়োজনে আরও সদস্য মোতায়েন করা হবে বলেও জানান তিনি।

রাজধানীতে বিএনপি ও আওয়ামী লীগের সমাবেশকে কেন্দ্র করে উদ্ভূত পরিস্থিতি নিয়ন্ত্রণে ১১ প্লাটুন বর্ডার গার্ড বাংলাদেশ মোতায়েন করা হয়েছে। শনিবার সন্ধ্যায় বিজিবি সদর দপ্তরের জনসংযোগ কর্মকর্তা বিষয়টি নিশ্চিত করেন। তিনি জানান, আইনশৃঙ্খলা রক্ষায় বেসামরিক প্রশাসনকে সহায়তার লক্ষ্যে বিজিবি সদস্যরা গুরুত্বপূর্ণ পয়েন্টে দায়িত্ব পালন করবেন। প্রয়োজনে আরও সদস্য মোতায়েন করা হবে বলেও জানান তিনি।

রাজধানীতে বিএনপি ও আওয়ামী লীগের সমাবেশকে কেন্দ্র করে উদ্ভূত পরিস্থিতি নিয়ন্ত্রণে ১১ প্লাটুন বর্ডার গার্ড বাংলাদেশ মোতায়েন করা হয়েছে। শনিবার সন্ধ্যায় বিজিবি সদর দপ্তরের জনসংযোগ কর্মকর্তা বিষয়টি নিশ্চিত করেন। তিনি জানান, আইনশৃঙ্খলা রক্ষায় বেসামরিক প্রশাসনকে সহায়তার লক্ষ্যে বিজিবি সদস্যরা গুরুত্বপূর্ণ পয়েন্টে দায়িত্ব পালন করবেন। প্রয়োজনে আরও সদস্য মোতায়েন করা হবে বলেও জানান তিনি।

শ্বাসরুদ্ধকর
প্রথম পাতার পর

দ্বিতীয় ম্যাচে দক্ষিণ আফ্রিকার কাছে হারের পর এবার পাকিস্তানও হেরে গেল। শেষ ওভার পর্যন্ত গড়ানো ম্যাচে দর্শকরা উত্তেজনায় ছিলেন। লক্ষ্য তাড়া করতে নেমে নিয়মিত বিরতিতে উইকেট হারায় দলটি। শেষ দিকে টেল এন্ডারদের লড়াইয়ে ম্যাচ জমে ওঠে। কিন্তু শেষ রক্ষা হয়নি। এই হারে সেমিফাইনালের পথ কঠিন হয়ে গেল দলটির জন্য। অধিনায়ক ম্যাচ শেষে বলেন, আমরা শেষ পর্যন্ত লড়েছি, ভাগ্য সহায় ছিল না।

দ্বিতীয় ম্যাচে দক্ষিণ আফ্রিকার কাছে হারের পর এবার পাকিস্তানও হেরে গেল। শেষ ওভার পর্যন্ত গড়ানো ম্যাচে দর্শকরা উত্তেজনায় ছিলেন। লক্ষ্য তাড়া করতে নেমে নিয়মিত বিরতিতে উইকেট হারায় দলটি। শেষ দিকে টেল এন্ডারদের লড়াইয়ে ম্যাচ জমে ওঠে। কিন্তু শেষ রক্ষা হয়নি। এই হারে সেমিফাইনালের পথ কঠিন হয়ে গেল দলটির জন্য। অধিনায়ক ম্যাচ শেষে বলেন, আমরা শেষ পর্যন্ত লড়েছি, ভাগ্য সহায় ছিল না।

দ্বিতীয় ম্যাচে দক্ষিণ আফ্রিকার কাছে হারের পর এবার পাকিস্তানও হেরে গেল। শেষ ওভার পর্যন্ত গড়ানো ম্যাচে দর্শকরা উত্তেজনায় ছিলেন। লক্ষ্য তাড়া করতে নেমে নিয়মিত বিরতিতে উইকেট হারায় দলটি। শেষ দিকে টেল এন্ডারদের লড়াইয়ে ম্যাচ জমে ওঠে। কিন্তু শেষ রক্ষা হয়নি। এই হারে সেমিফাইনালের পথ কঠিন হয়ে গেল দলটির জন্য। অধিনায়ক ম্যাচ শেষে বলেন, আমরা শেষ পর্যন্ত লড়েছি, ভাগ্য সহায় ছিল না।

দ্বিতীয় ম্যাচে দক্ষিণ আফ্রিকার কাছে হারের পর এবার পাকিস্তানও হেরে গেল। শেষ ওভার পর্যন্ত গড়ানো ম্যাচে দর্শকরা উত্তেজনায় ছিলেন। লক্ষ্য তাড়া করতে নেমে নিয়মিত বিরতিতে উইকেট হারায় দলটি। শেষ দিকে টেল এন্ডারদের লড়াইয়ে ম্যাচ জমে ওঠে। কিন্তু শেষ রক্ষা হয়নি। এই হারে সেমিফাইনালের পথ কঠিন হয়ে গেল দলটির জন্য। অধিনায়ক ম্যাচ শেষে বলেন, আমরা শেষ পর্যন্ত লড়েছি, ভাগ্য সহায় ছিল না।

দ্বিতীয় ম্যাচে দক্ষিণ আফ্রিকার কাছে হারের পর এবার পাকিস্তানও হেরে গেল। শেষ ওভার পর্যন্ত গড়ানো ম্যাচে দর্শকরা উত্তেজনায় ছিলেন। লক্ষ্য তাড়া করতে নেমে নিয়মিত বিরতিতে উইকেট হারায় দলটি। শেষ দিকে টেল এন্ডারদের লড়াইয়ে ম্যাচ জমে ওঠে। কিন্তু শেষ রক্ষা হয়নি। এই হারে সেমিফাইনালের পথ কঠিন হয়ে গেল দলটির জন্য। অধিনায়ক ম্যাচ শেষে বলেন, আমরা শেষ পর্যন্ত লড়েছি, ভাগ্য সহায় ছিল না।

দ্বিতীয় ম্যাচে দক্ষিণ আফ্রিকার কাছে হারের পর এবার পাকিস্তানও হেরে গেল। শেষ ওভার পর্যন্ত গড়ানো ম্যাচে দর্শকরা উত্তেজনায় ছিলেন। লক্ষ্য তাড়া করতে নেমে নিয়মিত বিরতিতে উইকেট হারায় দলটি। শেষ দিকে টেল এন্ডারদের লড়াইয়ে ম্যাচ জমে ওঠে। কিন্তু শেষ রক্ষা হয়নি। এই হারে সেমিফাইনালের পথ কঠিন হয়ে গেল দলটির জন্য। অধিনায়ক ম্যাচ শেষে বলেন, আমরা শেষ পর্যন্ত লড়েছি, ভাগ্য সহায় ছিল না।

দ্বিতীয় ম্যাচে দক্ষিণ আফ্রিকার কাছে হারের পর এবার পাকিস্তানও হেরে গেল। শেষ ওভার পর্যন্ত গড়ানো ম্যাচে দর্শকরা উত্তেজনায় ছিলেন। লক্ষ্য তাড়া করতে নেমে নিয়মিত বিরতিতে উইকেট হারায় দলটি। শেষ দিকে টেল এন্ডারদের লড়াইয়ে ম্যাচ জমে ওঠে। কিন্তু শেষ রক্ষা হয়নি। এই হারে সেমিফাইনালের পথ কঠিন হয়ে গেল দলটির জন্য। অধিনায়ক ম্যাচ শেষে বলেন, আমরা শেষ পর্যন্ত লড়েছি, ভাগ্য সহায় ছিল না।

দ্বিতীয় ম্যাচে দক্ষিণ আফ্রিকার কাছে হারের পর এবার পাকিস্তানও হেরে গেল। শেষ ওভার পর্যন্ত গড়ানো ম্যাচে দর্শকরা উত্তেজনায় ছিলেন। লক্ষ্য তাড়া করতে নেমে নিয়মিত বিরতিতে উইকেট হারায় দলটি। শেষ দিকে টেল এন্ডারদের লড়াইয়ে ম্যাচ জমে ওঠে। কিন্তু শেষ রক্ষা হয়নি। এই হারে সেমিফাইনালের পথ কঠিন হয়ে গেল দলটির জন্য। অধিনায়ক ম্যাচ শেষে বলেন, আমরা শেষ পর্যন্ত লড়েছি, ভাগ্য সহায় ছিল না।

দ্বিতীয় ম্যাচে দক্ষিণ আফ্রিকার কাছে হারের পর এবার পাকিস্তানও হেরে গেল। শেষ ওভার পর্যন্ত গড়ানো ম্যাচে দর্শকরা উত্তেজনায় ছিলেন। লক্ষ্য তাড়া করতে নেমে নিয়মিত বিরতিতে উইকেট হারায় দলটি। শেষ দিকে টেল এন্ডারদের লড়াইয়ে ম্যাচ জমে ওঠে। কিন্তু শেষ রক্ষা হয়নি। এই হারে সেমিফাইনালের পথ কঠিন হয়ে গেল দলটির জন্য। অধিনায়ক ম্যাচ শেষে বলেন, আমরা শেষ পর্যন্ত লড়েছি, ভাগ্য সহায় ছিল না।

দ্বিতীয় ম্যাচে দক্ষিণ আফ্রিকার কাছে হারের পর এবার পাকিস্তানও হেরে গেল। শেষ ওভার পর্যন্ত গড়ানো ম্যাচে দর্শকরা উত্তেজনায় ছিলেন। লক্ষ্য তাড়া করতে নেমে নিয়মিত বিরতিতে উইকেট হারায় দলটি। শেষ দিকে টেল এন্ডারদের লড়াইয়ে ম্যাচ জমে ওঠে। কিন্তু শেষ রক্ষা হয়নি। এই হারে সেমিফাইনালের পথ কঠিন হয়ে গেল দলটির জন্য। অধিনায়ক ম্যাচ শেষে বলেন, আমরা শেষ পর্যন্ত লড়েছি, ভাগ্য সহায় ছিল না।

ঢাকায় মৃত্যু ৮শ
প্রথম পাতার পর

চলতি বছরে ডেঙ্গু আক্রান্ত হয়ে এখন পর্যন্ত রাজধানীতে আটশর বেশি মানুষের মৃত্যু হয়েছে। স্বাস্থ্য অধিদপ্তর জানায়, গত চব্বিশ ঘণ্টায় নতুন করে অনেকে হাসপাতালে ভর্তি হয়েছেন। রাজধানীর বাইরেও সংক্রমণ বাড়ছে। বিশেষজ্ঞরা মশা নিধনে সমন্বিত উদ্যোগ নেওয়ার পরামর্শ দিয়েছেন।

চলতি বছরে ডেঙ্গু আক্রান্ত হয়ে এখন পর্যন্ত রাজধানীতে আটশর বেশি মানুষের মৃত্যু হয়েছে। স্বাস্থ্য অধিদপ্তর জানায়, গত চব্বিশ ঘণ্টায় নতুন করে অনেকে হাসপাতালে ভর্তি হয়েছেন। রাজধানীর বাইরেও সংক্রমণ বাড়ছে। বিশেষজ্ঞরা মশা নিধনে সমন্বিত উদ্যোগ নেওয়ার পরামর্শ দিয়েছেন।

চলতি বছরে ডেঙ্গু আক্রান্ত হয়ে এখন পর্যন্ত রাজধানীতে আটশর বেশি মানুষের মৃত্যু হয়েছে। স্বাস্থ্য অধিদপ্তর জানায়, গত চব্বিশ ঘণ্টায় নতুন করে অনেকে হাসপাতালে ভর্তি হয়েছেন। রাজধানীর বাইরেও সংক্রমণ বাড়ছে। বিশেষজ্ঞরা মশা নিধনে সমন্বিত উদ্যোগ নেওয়ার পরামর্শ দিয়েছেন।

চলতি বছরে ডেঙ্গু আক্রান্ত হয়ে এখন পর্যন্ত রাজধানীতে আটশর বেশি মানুষের মৃত্যু হয়েছে। স্বাস্থ্য অধিদপ্তর জানায়, গত চব্বিশ ঘণ্টায় নতুন করে অনেকে হাসপাতালে ভর্তি হয়েছেন। রাজধানীর বাইরেও সংক্রমণ বাড়ছে। বিশেষজ্ঞরা মশা নিধনে সমন্বিত উদ্যোগ নেওয়ার পরামর্শ দিয়েছেন।

চলতি বছরে ডেঙ্গু আক্রান্ত হয়ে এখন পর্যন্ত রাজধানীতে আটশর বেশি মানুষের মৃত্যু হয়েছে। স্বাস্থ্য অধিদপ্তর জানায়, গত চব্বিশ ঘণ্টায় নতুন করে অনেকে হাসপাতালে ভর্তি হয়েছেন। রাজধানীর বাইরেও সংক্রমণ বাড়ছে। বিশেষজ্ঞরা মশা নিধনে সমন্বিত উদ্যোগ নেওয়ার পরামর্শ দিয়েছেন।

রাজধানীতে বিএনপি ও আওয়ামী লীগের সমাবেশকে কেন্দ্র করে উদ্ভূত পরিস্থিতি নিয়ন্ত্রণে ১১ প্লাটুন বর্ডার গার্ড বাংলাদেশ মোতায়েন করা হয়েছে। শনিবার সন্ধ্যায় বিজিবি সদর দপ্তরের জনসংযোগ কর্মকর্তা বিষয়টি নিশ্চিত করেন। তিনি জানান, আইনশৃঙ্খলা রক্ষায় বেসামরিক প্রশাসনকে সহায়তার লক্ষ্যে বিজিবি সদস্যরা গুরুত্বপূর্ণ পয়েন্টে দায়িত্ব পালন করবেন। প্রয়োজনে আরও সদস্য মোতায়েন করা হবে বলেও জানান তিনি।

রাজধানীতে বিএনপি ও আওয়ামী লীগের সমাবেশকে কেন্দ্র করে উদ্ভূত পরিস্থিতি নিয়ন্ত্রণে ১১ প্লাটুন বর্ডার গার্ড বাংলাদেশ মোতায়েন করা হয়েছে। শনিবার সন্ধ্যায় বিজিবি সদর দপ্তরের জনসংযোগ কর্মকর্তা বিষয়টি নিশ্চিত করেন। তিনি জানান, আইনশৃঙ্খলা রক্ষায় বেসামরিক প্রশাসনকে সহায়তার লক্ষ্যে বিজিবি সদস্যরা গুরুত্বপূর্ণ পয়েন্টে দায়িত্ব পালন করবেন। প্রয়োজনে আরও সদস্য মোতায়েন করা হবে বলেও জানান তিনি।

রাজধানীতে বিএনপি ও আওয়ামী লীগের সমাবেশকে কেন্দ্র করে উদ্ভূত পরিস্থিতি নিয়ন্ত্রণে ১১ প্লাটুন বর্ডার গার্ড বাংলাদেশ মোতায়েন করা হয়েছে। শনিবার সন্ধ্যায় বিজিবি সদর দপ্তরের জনসংযোগ কর্মকর্তা বিষয়টি নিশ্চিত করেন। তিনি জানান, আইনশৃঙ্খলা রক্ষায় বেসামরিক প্রশাসনকে সহায়তার লক্ষ্যে বিজিবি সদস্যরা গুরুত্বপূর্ণ পয়েন্টে দায়িত্ব পালন করবেন। প্রয়োজনে আরও সদস্য মোতায়েন করা হবে বলেও জানান তিনি।

রাজধানীতে বিএনপি ও আওয়ামী লীগের সমাবেশকে কেন্দ্র করে উদ্ভূত পরিস্থিতি নিয়ন্ত্রণে ১১ প্লাটুন বর্ডার গার্ড বাংলাদেশ মোতায়েন করা হয়েছে। শনিবার সন্ধ্যায় বিজিবি সদর দপ্তরের জনসংযোগ কর্মকর্তা বিষয়টি নিশ্চিত করেন। তিনি জানান, আইনশৃঙ্খলা রক্ষায় বেসামরিক প্রশাসনকে সহায়তার লক্ষ্যে বিজিবি সদস্যরা গুরুত্বপূর্ণ পয়েন্টে দায়িত্ব পালন করবেন। প্রয়োজনে আরও সদস্য মোতায়েন করা হবে বলেও জানান তিনি।

একান্ত প্রয়োজন ছাড়া একা
প্রথম পাতার পর

নিরাপত্তা পরিস্থিতি বিবেচনায় একান্ত প্রয়োজন ছাড়া একা বাইরে না বের হওয়ার পরামর্শ দিয়েছে পুলিশ। রাতে অপরিচিত স্থানে চলাফেরা না করার অনুরোধ জানানো হয়েছে। সন্দেহজনক কিছু চোখে পড়লে নিকটস্থ থানায় খবর দিতে বলা হয়েছে। জরুরি প্রয়োজনে জাতীয় জরুরি সেবার নম্বরে যোগাযোগ করতে বলা হয়। এ ছাড়া গুজবে কান না দেওয়ারও আহ্বান জানানো হয়েছে।

নিরাপত্তা পরিস্থিতি বিবেচনায় একান্ত প্রয়োজন ছাড়া একা বাইরে না বের হওয়ার পরামর্শ দিয়েছে পুলিশ। রাতে অপরিচিত স্থানে চলাফেরা না করার অনুরোধ জানানো হয়েছে। সন্দেহজনক কিছু চোখে পড়লে নিকটস্থ থানায় খবর দিতে বলা হয়েছে। জরুরি প্রয়োজনে জাতীয় জরুরি সেবার নম্বরে যোগাযোগ করতে বলা হয়। এ ছাড়া গুজবে কান না দেওয়ারও আহ্বান জানানো হয়েছে।

জড়িতদের আইনের আওতায়
প্রথম পাতার পর

স্বরাষ্ট্রমন্ত্রী বলেন, সহিংসতার সঙ্গে জড়িতদের কোনো ছাড় দেওয়া হবে না। ভিডিও ফুটেজ দেখে তাদের শনাক্ত করা হচ্ছে। দ্রুততম সময়ের মধ্যে তাদের আইনের আওতায় আনা হবে। জনগণের জানমালের নিরাপত্তা নিশ্চিত করতে সরকার বদ্ধপরিকর। আইনশৃঙ্খলা বাহিনী সর্বোচ্চ সতর্ক অবস্থানে রয়েছে। রাজনৈতিক দলগুলোকে দায়িত্বশীল আচরণ করার আহ্বান জানান তিনি।

স্বরাষ্ট্রমন্ত্রী বলেন, সহিংসতার সঙ্গে জড়িতদের কোনো ছাড় দেওয়া হবে না। ভিডিও ফুটেজ দেখে তাদের শনাক্ত করা হচ্ছে। দ্রুততম সময়ের মধ্যে তাদের আইনের আওতায় আনা হবে। জনগণের জানমালের নিরাপত্তা নিশ্চিত করতে সরকার বদ্ধপরিকর। আইনশৃঙ্খলা বাহিনী সর্বোচ্চ সতর্ক অবস্থানে রয়েছে। রাজনৈতিক দলগুলোকে দায়িত্বশীল আচরণ করার আহ্বান জানান তিনি।

কারাগারে বিএনপি-জামায়াতের
প্রথম পাতার পর

বিভিন্ন থানায় দায়ের করা মামলায় গ্রেপ্তার বিএনপি ও জামায়াতের নেতাকর্মীদের আদালতে হাজির করা হয়। শুনানি শেষে আদালত তাদের কারাগারে পাঠানোর নির্দেশ দেন। আসামিপক্ষের আইনজীবীরা জামিন আবেদন করলেও তা নামঞ্জুর করা হয়। মামলাগুলোতে নাশকতা ও পুলিশের কাজে বাধা দেওয়ার অভিযোগ আনা হয়েছে।

বিভিন্ন থানায় দায়ের করা মামলায় গ্রেপ্তার বিএনপি ও জামায়াতের নেতাকর্মীদের আদালতে হাজির করা হয়। শুনানি শেষে আদালত তাদের কারাগারে পাঠানোর নির্দেশ দেন। আসামিপক্ষের আইনজীবীরা জামিন আবেদন করলেও তা নামঞ্জুর করা হয়। মামলাগুলোতে নাশকতা ও পুলিশের কাজে বাধা দেওয়ার অভিযোগ আনা হয়েছে।

বিভিন্ন থানায় দায়ের করা মামলায় গ্রেপ্তার বিএনপি ও জামায়াতের নেতাকর্মীদের আদালতে হাজির করা হয়। শুনানি শেষে আদালত তাদের কারাগারে পাঠানোর নির্দেশ দেন। আসামিপক্ষের আইনজীবীরা জামিন আবেদন করলেও তা নামঞ্জুর করা হয়। মামলাগুলোতে নাশকতা ও পুলিশের কাজে বাধা দেওয়ার অভিযোগ আনা হয়েছে।

হরতালে বিভিন্ন পরীক্ষা স্থগিত
প্রথম পাতার পর

হরতালের কারণে বিভিন্ন বিশ্ববিদ্যালয় ও শিক্ষা প্রতিষ্ঠানের পরীক্ষা স্থগিত করা হয়েছে। পরীক্ষার নতুন তারিখ পরে জানিয়ে দেওয়া হবে বলে কর্তৃপক্ষ জানিয়েছে। শিক্ষার্থীদের নিরাপত্তার কথা বিবেচনা করে এই সিদ্ধান্ত নেওয়া হয়েছে। অভিভাবকদের মধ্যে উদ্বেগ দেখা দিয়েছে। কয়েকটি প্রতিষ্ঠানে অনলাইনে ক্লাস চালুর চিন্তাভাবনা চলছে।

হরতালের কারণে বিভিন্ন বিশ্ববিদ্যালয় ও শিক্ষা প্রতিষ্ঠানের পরীক্ষা স্থগিত করা হয়েছে। পরীক্ষার নতুন তারিখ পরে জানিয়ে দেওয়া হবে বলে কর্তৃপক্ষ জানিয়েছে। শিক্ষার্থীদের নিরাপত্তার কথা বিবেচনা করে এই সিদ্ধান্ত নেওয়া হয়েছে। অভিভাবকদের মধ্যে উদ্বেগ দেখা দিয়েছে। কয়েকটি প্রতিষ্ঠানে অনলাইনে ক্লাস চালুর চিন্তাভাবনা চলছে।

হরতালের কারণে বিভিন্ন বিশ্ববিদ্যালয় ও শিক্ষা প্রতিষ্ঠানের পরীক্ষা স্থগিত করা হয়েছে। পরীক্ষার নতুন তারিখ পরে জানিয়ে দেওয়া হবে বলে কর্তৃপক্ষ জানিয়েছে। শিক্ষার্থীদের নিরাপত্তার কথা বিবেচনা করে এই সিদ্ধান্ত নেওয়া হয়েছে। অভিভাবকদের মধ্যে উদ্বেগ দেখা দিয়েছে। কয়েকটি প্রতিষ্ঠানে অনলাইনে ক্লাস চালুর চিন্তাভাবনা চলছে।

সংঘর্ষ চলাকালে ২০ গণমাধ্যমকর্মী
প্রথম পাতার পর

সংঘর্ষ চলাকালে পেশাগত দায়িত্ব পালনের সময় অন্তত বিশজন গণমাধ্যমকর্মী আহত হয়েছেন। তাদের মধ্যে কয়েকজনকে হাসপাতালে ভর্তি করা হয়েছে। সাংবাদিক সংগঠনগুলো এ ঘটনার তীব্র নিন্দা জানিয়েছে। তারা দোষীদের দ্রুত গ্রেপ্তার করে শাস্তি নিশ্চিতের দাবি জানান। গণমাধ্যমকর্মীদের নিরাপত্তা নিশ্চিত করতে সংশ্লিষ্টদের প্রতি আহ্বান জানানো হয়।

সংঘর্ষ চলাকালে পেশাগত দায়িত্ব পালনের সময় অন্তত বিশজন গণমাধ্যমকর্মী আহত হয়েছেন। তাদের মধ্যে কয়েকজনকে হাসপাতালে ভর্তি করা হয়েছে। সাংবাদিক সংগঠনগুলো এ ঘটনার তীব্র নিন্দা জানিয়েছে। তারা দোষীদের দ্রুত গ্রেপ্তার করে শাস্তি নিশ্চিতের দাবি জানান। গণমাধ্যমকর্মীদের নিরাপত্তা নিশ্চিত করতে সংশ্লিষ্টদের প্রতি আহ্বান জানানো হয়।

সংঘর্ষ চলাকালে পেশাগত দায়িত্ব পালনের সময় অন্তত বিশজন গণমাধ্যমকর্মী আহত হয়েছেন। তাদের মধ্যে কয়েকজনকে হাসপাতালে ভর্তি করা হয়েছে। সাংবাদিক সংগঠনগুলো এ ঘটনার তীব্র নিন্দা জানিয়েছে। তারা দোষীদের দ্রুত গ্রেপ্তার করে শাস্তি নিশ্চিতের দাবি জানান। গণমাধ্যমকর্মীদের নিরাপত্তা নিশ্চিত করতে সংশ্লিষ্টদের প্রতি আহ্বান জানানো হয়।
